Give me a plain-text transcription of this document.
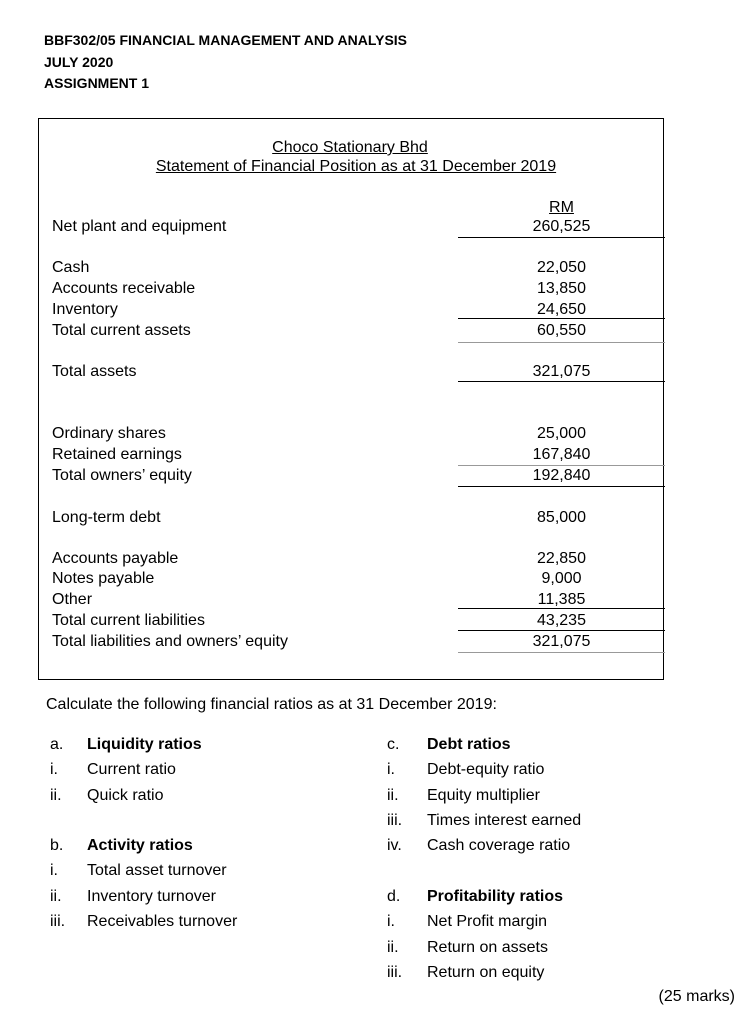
BBF302/05 FINANCIAL MANAGEMENT AND ANALYSIS
JULY 2020
ASSIGNMENT 1
Choco Stationary Bhd
Statement of Financial Position as at 31 December 2019
RM
Net plant and equipment	260,525
Cash	22,050
Accounts receivable	13,850
Inventory	24,650
Total current assets	60,550
Total assets	321,075
Ordinary shares	25,000
Retained earnings	167,840
Total owners’ equity	192,840
Long-term debt	85,000
Accounts payable	22,850
Notes payable	9,000
Other	11,385
Total current liabilities	43,235
Total liabilities and owners’ equity	321,075
Calculate the following financial ratios as at 31 December 2019:
a. Liquidity ratios
i. Current ratio
ii. Quick ratio
b. Activity ratios
i. Total asset turnover
ii. Inventory turnover
iii. Receivables turnover
c. Debt ratios
i. Debt-equity ratio
ii. Equity multiplier
iii. Times interest earned
iv. Cash coverage ratio
d. Profitability ratios
i. Net Profit margin
ii. Return on assets
iii. Return on equity
(25 marks)
